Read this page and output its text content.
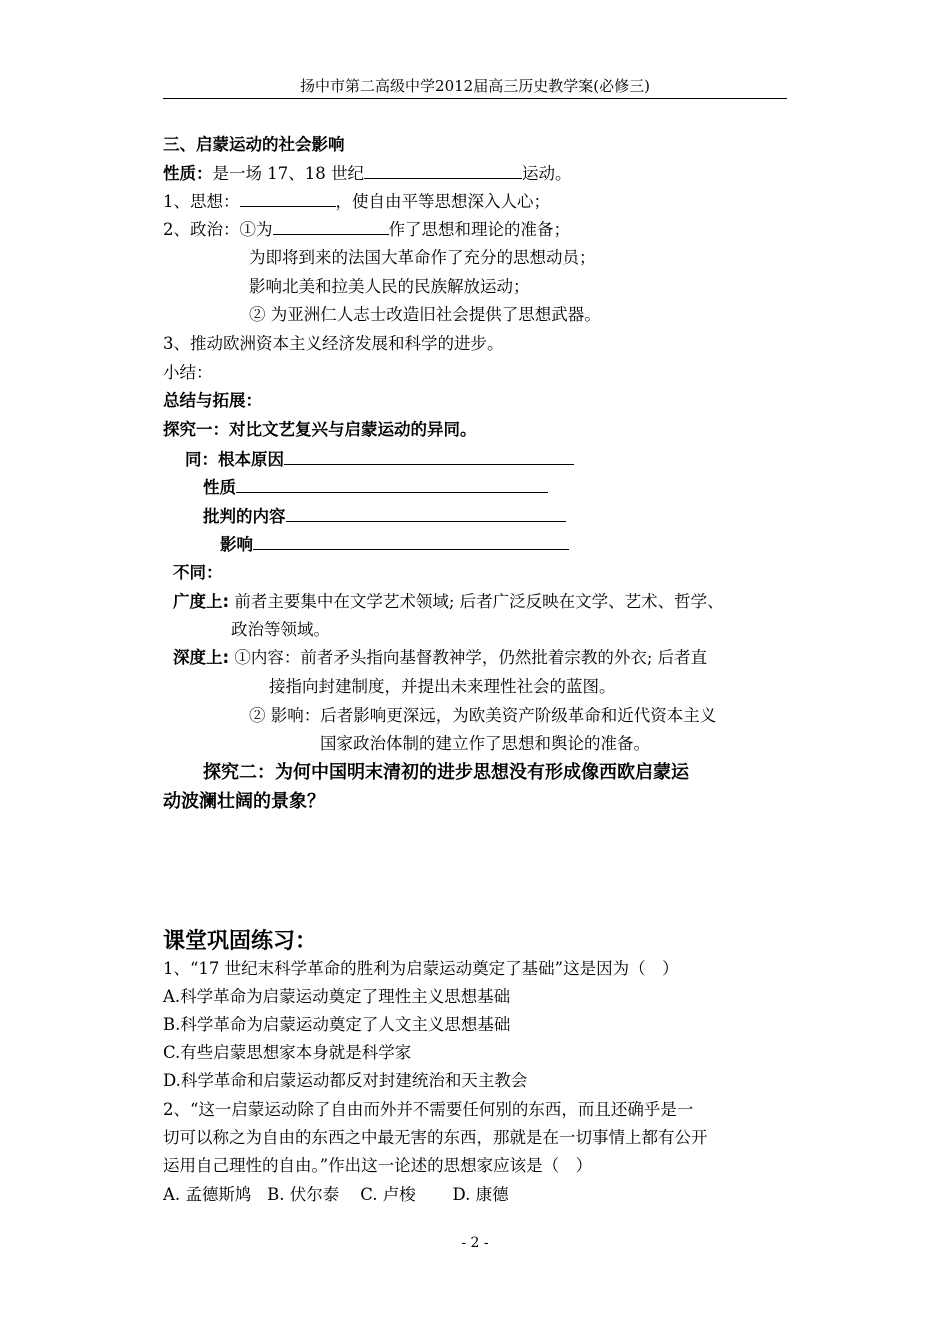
扬中市第二高级中学2012届高三历史教学案(必修三)
三、启蒙运动的社会影响
性质：是一场 17、18 世纪	运动。
1、思想：	，使自由平等思想深入人心；
2、政治：①为	作了思想和理论的准备；
为即将到来的法国大革命作了充分的思想动员；
影响北美和拉美人民的民族解放运动；
② 为亚洲仁人志士改造旧社会提供了思想武器。
3、推动欧洲资本主义经济发展和科学的进步。
小结：
总结与拓展：
探究一：对比文艺复兴与启蒙运动的异同。
同：根本原因
性质
批判的内容
影响
不同：
广度上: 前者主要集中在文学艺术领域; 后者广泛反映在文学、艺术、哲学、
政治等领域。
深度上: ①内容：前者矛头指向基督教神学，仍然批着宗教的外衣; 后者直
接指向封建制度，并提出未来理性社会的蓝图。
② 影响：后者影响更深远，为欧美资产阶级革命和近代资本主义
国家政治体制的建立作了思想和舆论的准备。
探究二：为何中国明末清初的进步思想没有形成像西欧启蒙运
动波澜壮阔的景象？
课堂巩固练习：
1、“17 世纪末科学革命的胜利为启蒙运动奠定了基础”这是因为（　）
A.科学革命为启蒙运动奠定了理性主义思想基础
B.科学革命为启蒙运动奠定了人文主义思想基础
C.有些启蒙思想家本身就是科学家
D.科学革命和启蒙运动都反对封建统治和天主教会
2、“这一启蒙运动除了自由而外并不需要任何别的东西，而且还确乎是一
切可以称之为自由的东西之中最无害的东西，那就是在一切事情上都有公开
运用自己理性的自由。”作出这一论述的思想家应该是（　）
A. 孟德斯鸠   B. 伏尔泰    C. 卢梭       D. 康德
- 2 -
